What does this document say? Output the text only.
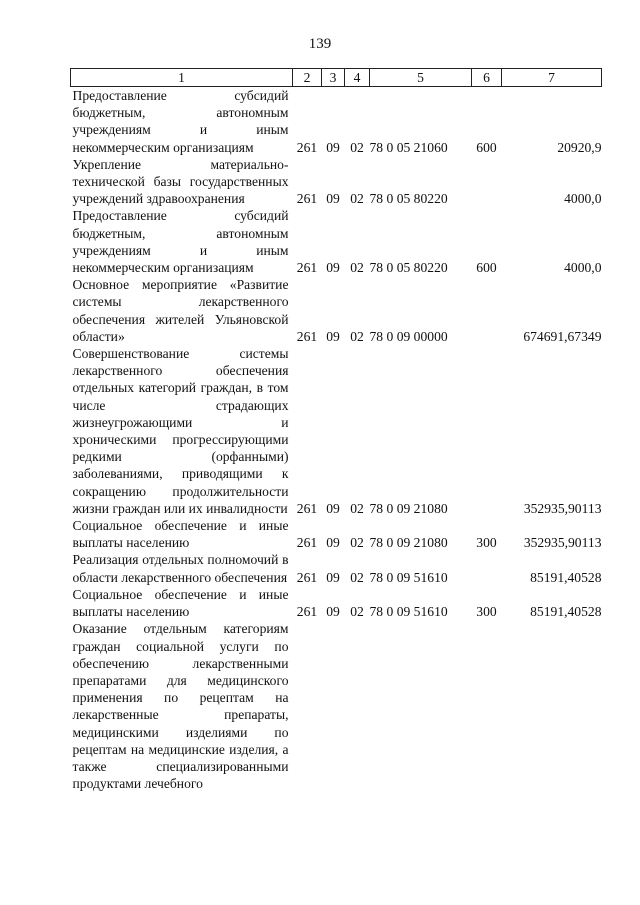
139
1	2	3	4	5	6	7
Предоставление субсидий бюджетным, автономным учреждениям и иным некоммерческим организациям	261	09	02	78 0 05 21060	600	20920,9
Укрепление материально-технической базы государственных учреждений здравоохранения	261	09	02	78 0 05 80220		4000,0
Предоставление субсидий бюджетным, автономным учреждениям и иным некоммерческим организациям	261	09	02	78 0 05 80220	600	4000,0
Основное мероприятие «Развитие системы лекарственного обеспечения жителей Ульяновской области»	261	09	02	78 0 09 00000		674691,67349
Совершенствование системы лекарственного обеспечения отдельных категорий граждан, в том числе страдающих жизнеугрожающими и хроническими прогрессирующими редкими (орфанными) заболеваниями, приводящими к сокращению продолжительности жизни граждан или их инвалидности	261	09	02	78 0 09 21080		352935,90113
Социальное обеспечение и иные выплаты населению	261	09	02	78 0 09 21080	300	352935,90113
Реализация отдельных полномочий в области лекарственного обеспечения	261	09	02	78 0 09 51610		85191,40528
Социальное обеспечение и иные выплаты населению	261	09	02	78 0 09 51610	300	85191,40528
Оказание отдельным категориям граждан социальной услуги по обеспечению лекарственными препаратами для медицинского применения по рецептам на лекарственные препараты, медицинскими изделиями по рецептам на медицинские изделия, а также специализированными продуктами лечебного						
